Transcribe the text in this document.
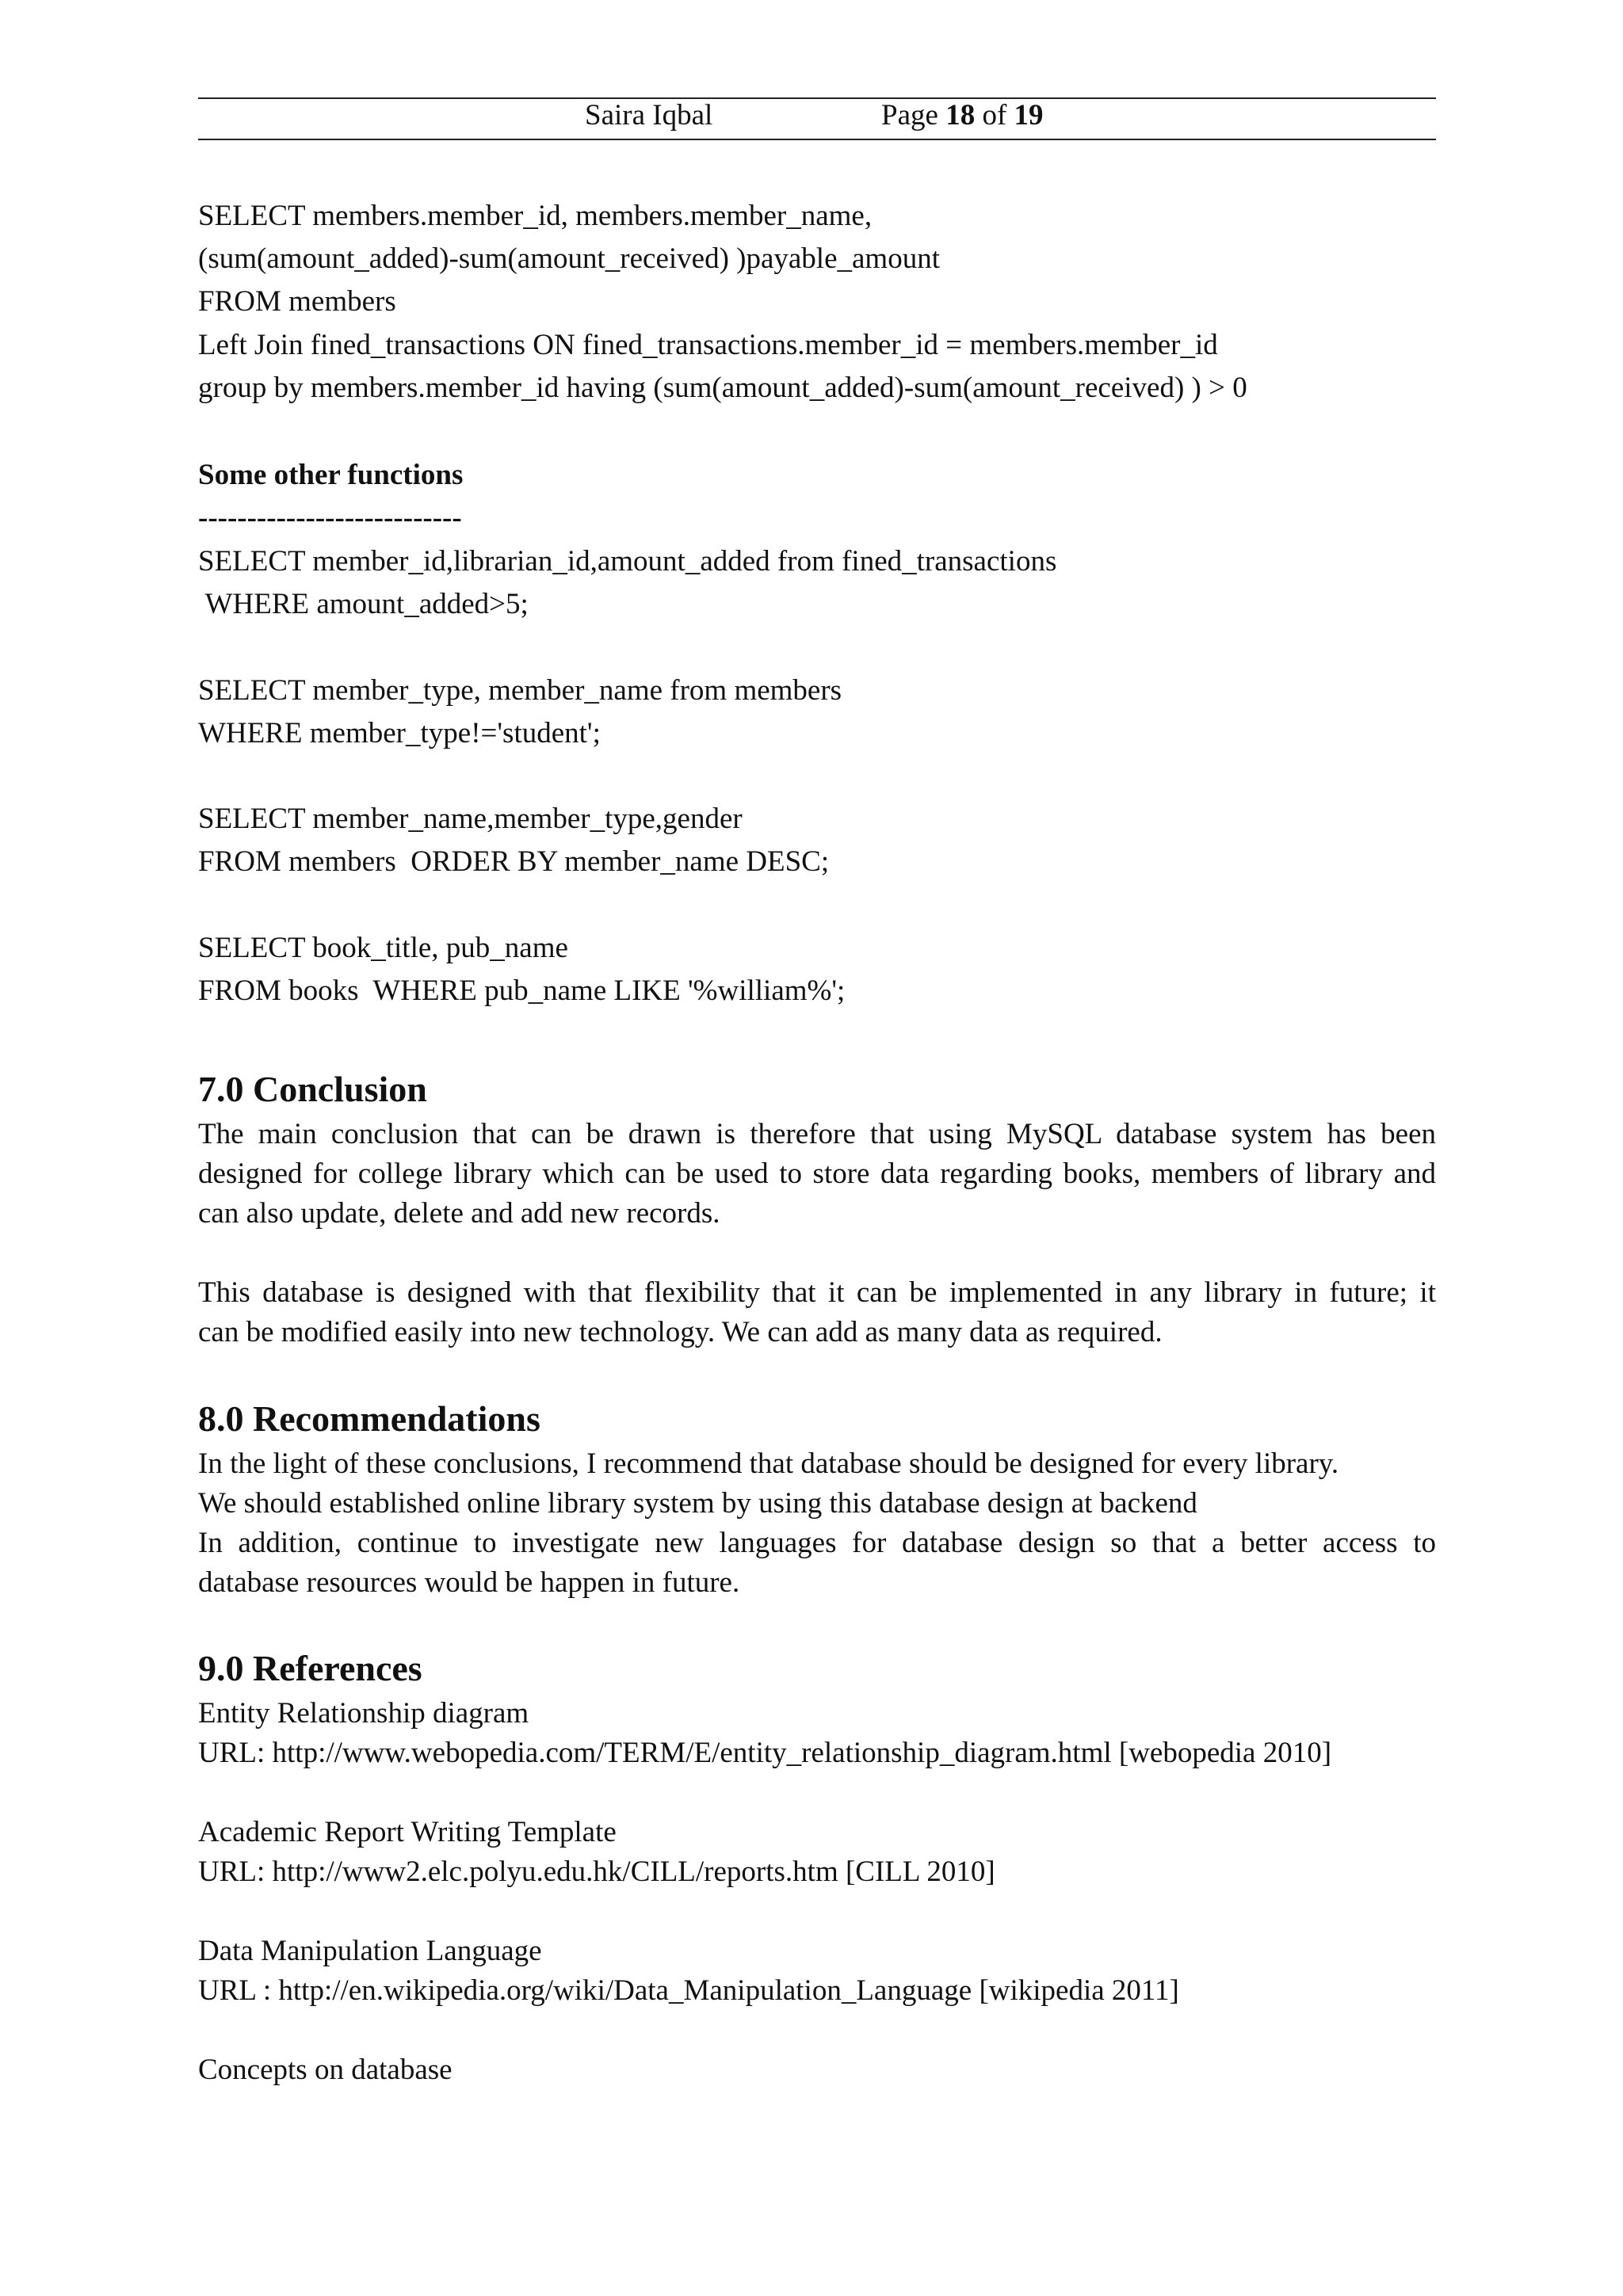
Saira Iqbal	Page 18 of 19
SELECT members.member_id, members.member_name,
(sum(amount_added)-sum(amount_received) )payable_amount
FROM members
Left Join fined_transactions ON fined_transactions.member_id = members.member_id
group by members.member_id having (sum(amount_added)-sum(amount_received) ) > 0
Some other functions
---------------------------
SELECT member_id,librarian_id,amount_added from fined_transactions
WHERE amount_added>5;
SELECT member_type, member_name from members
WHERE member_type!='student';
SELECT member_name,member_type,gender
FROM members  ORDER BY member_name DESC;
SELECT book_title, pub_name
FROM books  WHERE pub_name LIKE '%william%';
7.0 Conclusion
The main conclusion that can be drawn is therefore that using MySQL database system has been
designed for college library which can be used to store data regarding books, members of library and
can also update, delete and add new records.
This database is designed with that flexibility that it can be implemented in any library in future; it
can be modified easily into new technology. We can add as many data as required.
8.0 Recommendations
In the light of these conclusions, I recommend that database should be designed for every library.
We should established online library system by using this database design at backend
In addition, continue to investigate new languages for database design so that a better access to
database resources would be happen in future.
9.0 References
Entity Relationship diagram
URL: http://www.webopedia.com/TERM/E/entity_relationship_diagram.html [webopedia 2010]
Academic Report Writing Template
URL: http://www2.elc.polyu.edu.hk/CILL/reports.htm [CILL 2010]
Data Manipulation Language
URL : http://en.wikipedia.org/wiki/Data_Manipulation_Language [wikipedia 2011]
Concepts on database
